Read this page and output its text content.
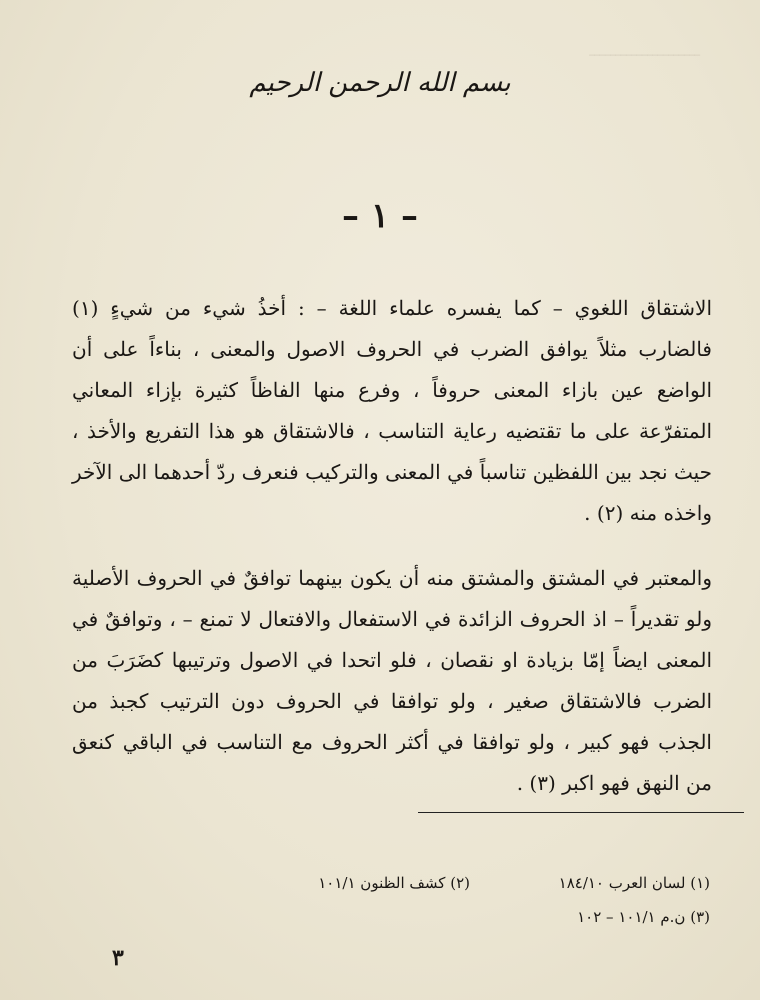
ـــــــــــــــــــــ
بسم الله الرحمن الرحيم
– ١ –

الاشتقاق اللغوي – كما يفسره علماء اللغة – : أخذُ شيء من شيءٍ (١) فالضارب مثلاً يوافق الضرب في الحروف الاصول والمعنى ، بناءاً على أن الواضع عين بازاء المعنى حروفاً ، وفرع منها الفاظاً كثيرة بإزاء المعاني المتفرّعة على ما تقتضيه رعاية التناسب ، فالاشتقاق هو هذا التفريع والأخذ ، حيث نجد بين اللفظين تناسباً في المعنى والتركيب فنعرف ردّ أحدهما الى الآخر واخذه منه (٢) .

والمعتبر في المشتق والمشتق منه أن يكون بينهما توافقٌ في الحروف الأصلية ولو تقديراً – اذ الحروف الزائدة في الاستفعال والافتعال لا تمنع – ، وتوافقٌ في المعنى ايضاً إمّا بزيادة او نقصان ، فلو اتحدا في الاصول وترتيبها كضَرَبَ من الضرب فالاشتقاق صغير ، ولو توافقا في الحروف دون الترتيب كجبذ من الجذب فهو كبير ، ولو توافقا في أكثر الحروف مع التناسب في الباقي كنعق من النهق فهو اكبر (٣) .

(١) لسان العرب ١٨٤/١٠
(٢) كشف الظنون ١٠١/١
(٣) ن.م ١٠١/١ – ١٠٢
٣
